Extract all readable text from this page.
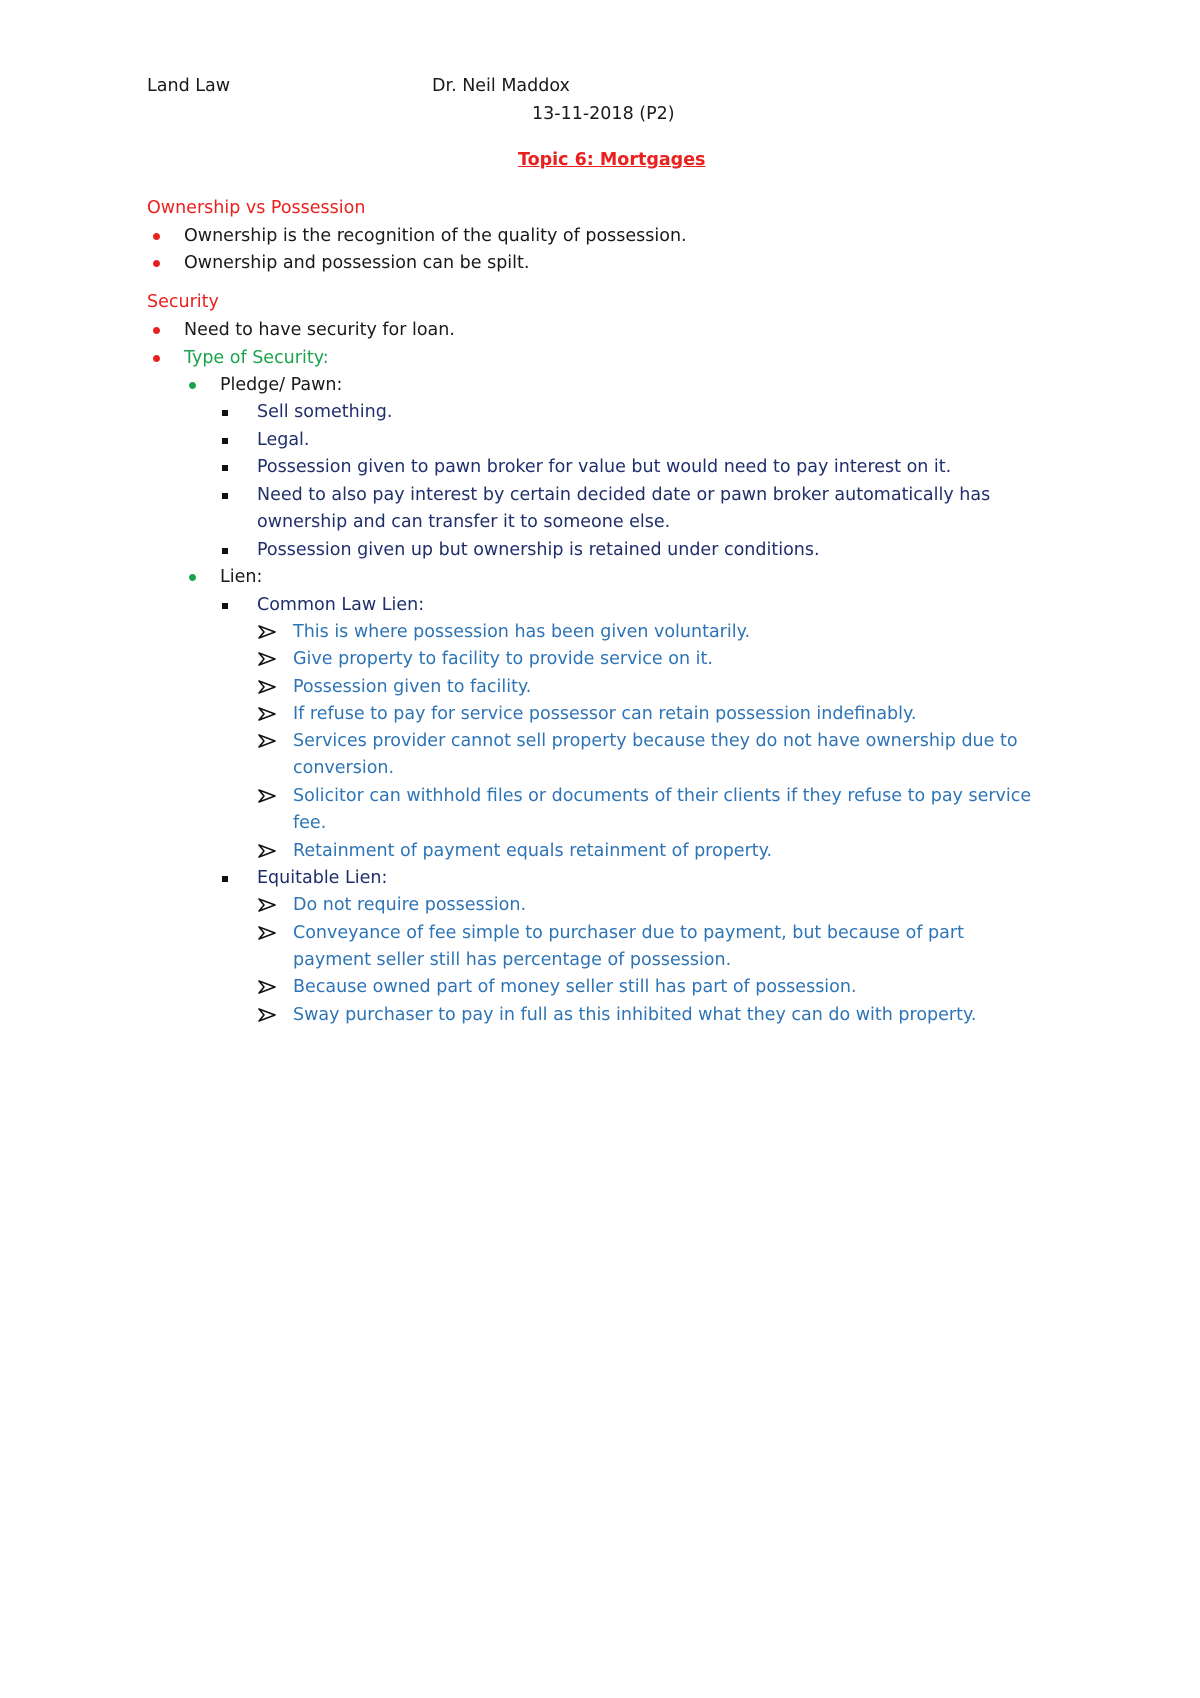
Land Law	Dr. Neil Maddox
13-11-2018 (P2)
Topic 6: Mortgages
Ownership vs Possession
Ownership is the recognition of the quality of possession.
Ownership and possession can be spilt.
Security
Need to have security for loan.
Type of Security:
Pledge/ Pawn:
Sell something.
Legal.
Possession given to pawn broker for value but would need to pay interest on it.
Need to also pay interest by certain decided date or pawn broker automatically has
ownership and can transfer it to someone else.
Possession given up but ownership is retained under conditions.
Lien:
Common Law Lien:
This is where possession has been given voluntarily.
Give property to facility to provide service on it.
Possession given to facility.
If refuse to pay for service possessor can retain possession indefinably.
Services provider cannot sell property because they do not have ownership due to
conversion.
Solicitor can withhold files or documents of their clients if they refuse to pay service
fee.
Retainment of payment equals retainment of property.
Equitable Lien:
Do not require possession.
Conveyance of fee simple to purchaser due to payment, but because of part
payment seller still has percentage of possession.
Because owned part of money seller still has part of possession.
Sway purchaser to pay in full as this inhibited what they can do with property.
